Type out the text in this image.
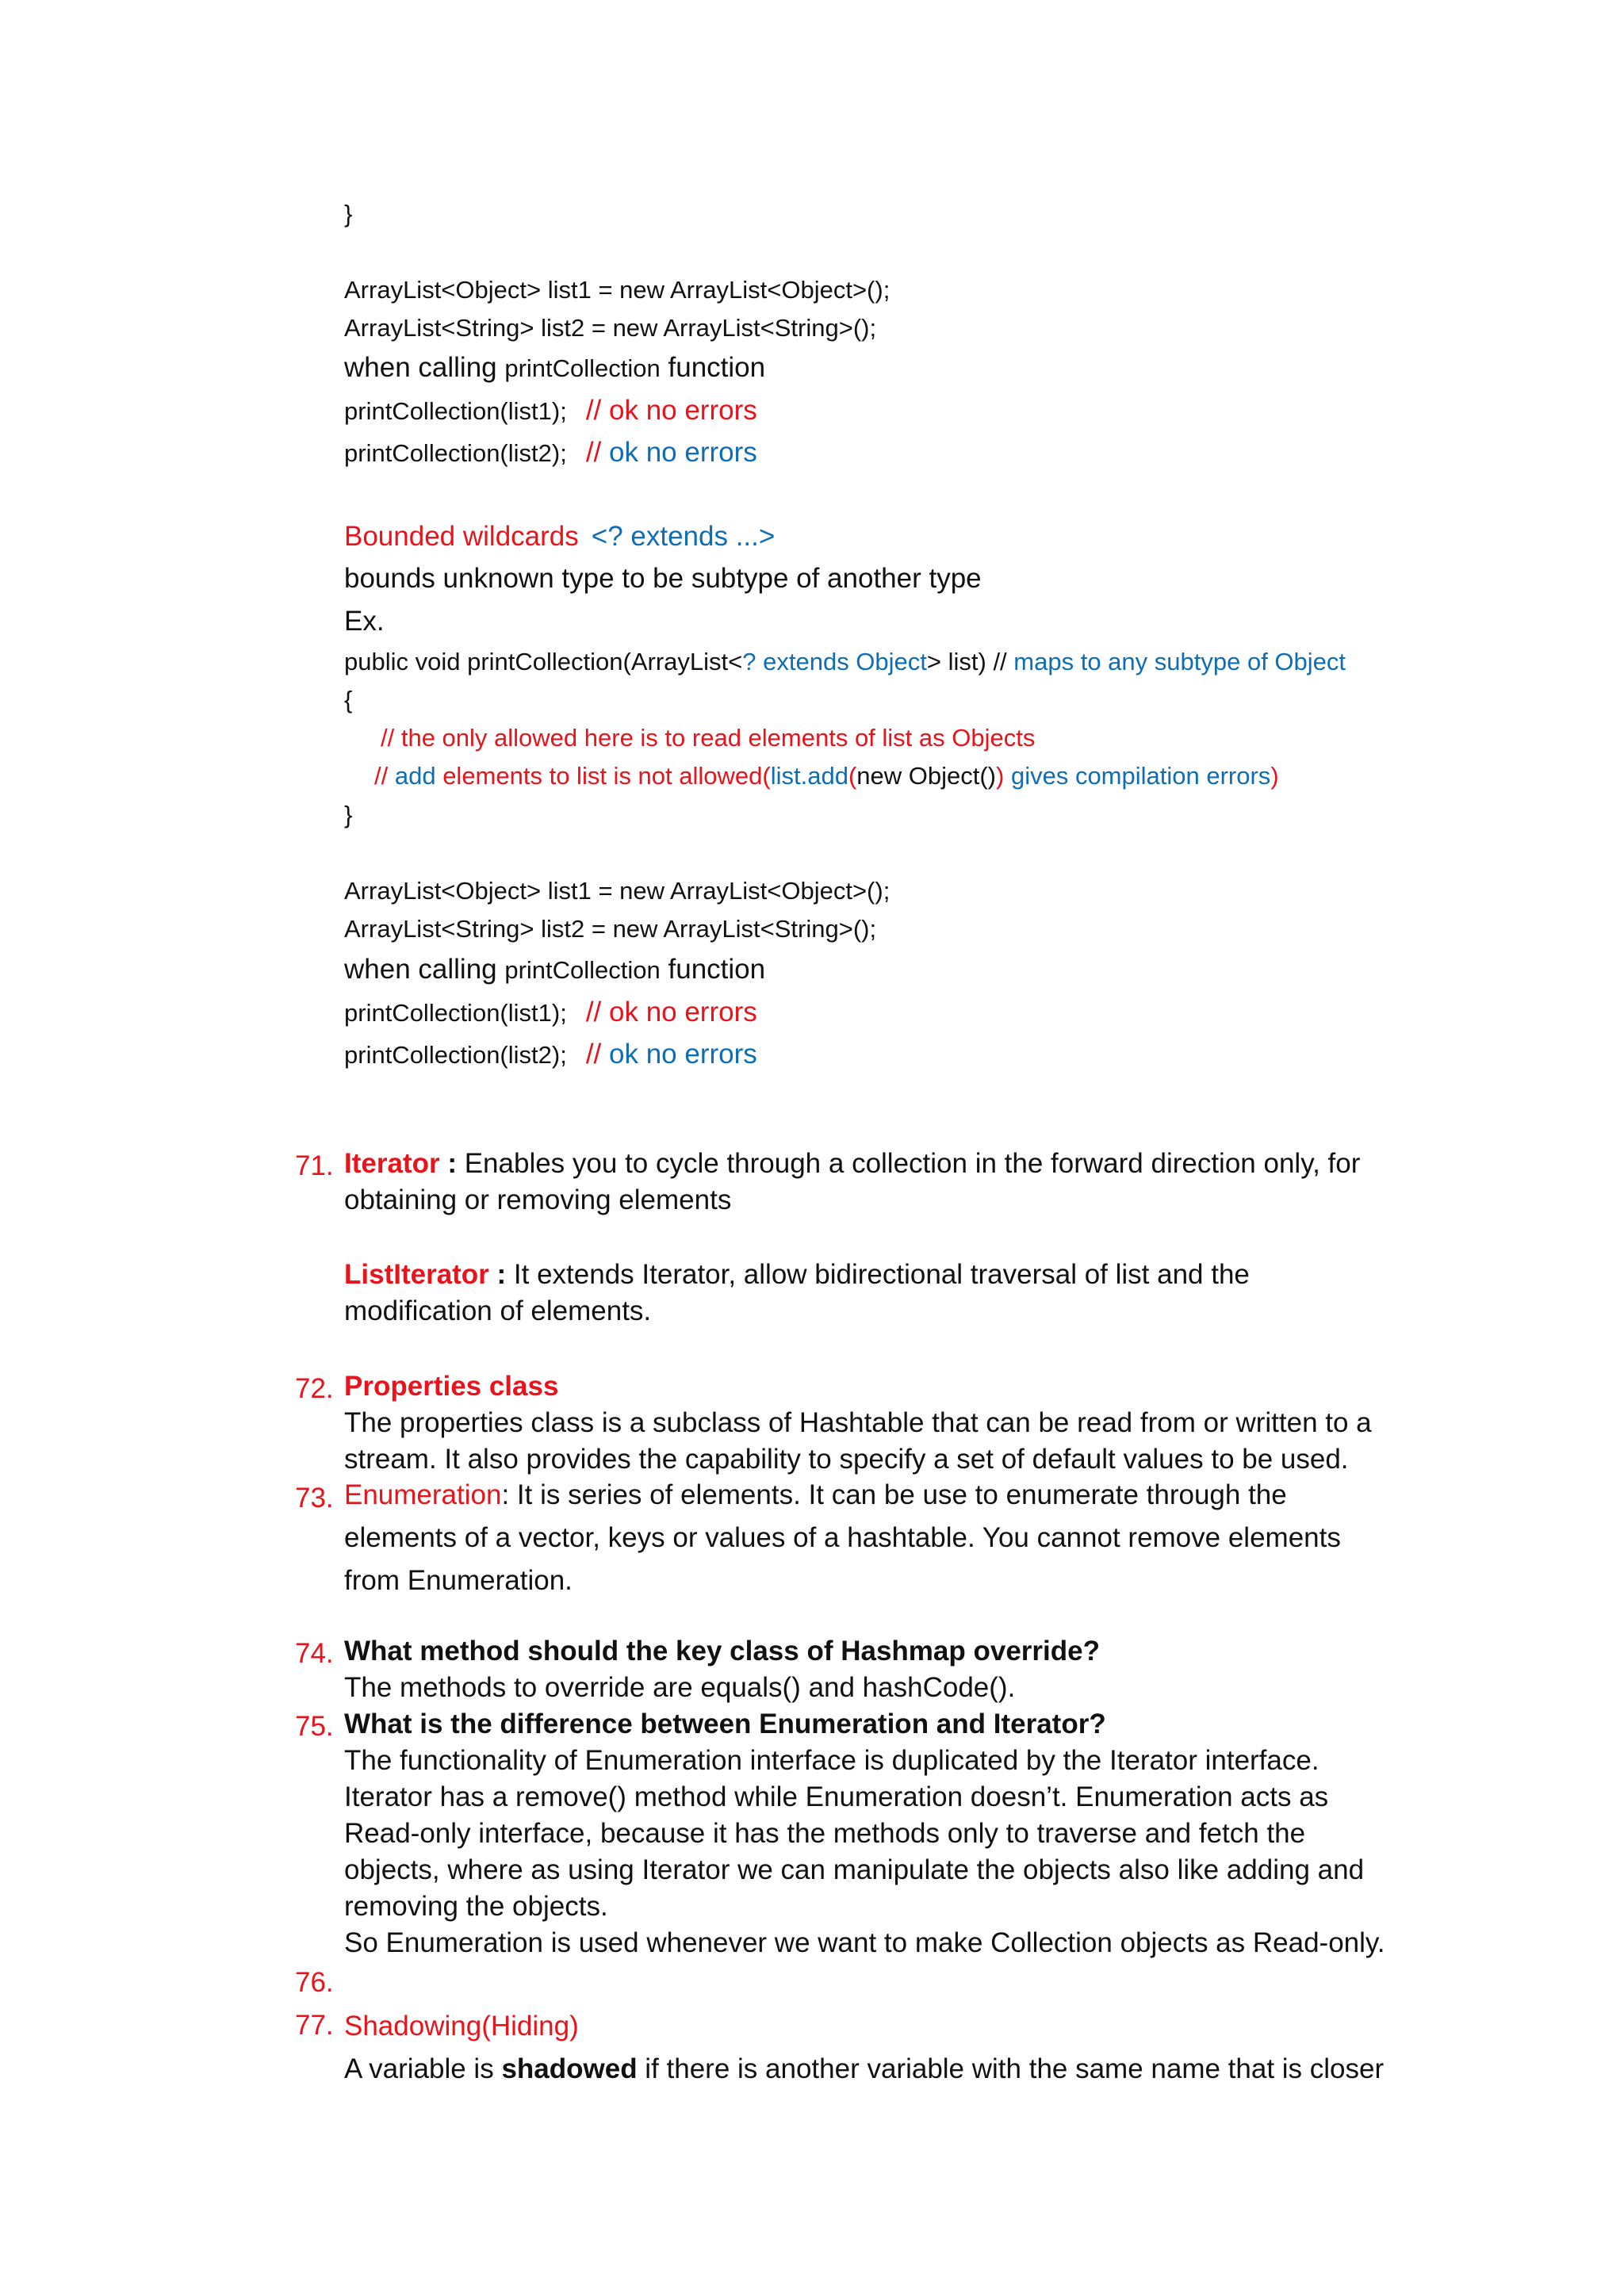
}
ArrayList<Object> list1 = new ArrayList<Object>();
ArrayList<String> list2 = new ArrayList<String>();
when calling printCollection function
printCollection(list1); // ok no errors
printCollection(list2); // ok no errors
Bounded wildcards <? extends ...>
bounds unknown type to be subtype of another type
Ex.
public void printCollection(ArrayList<? extends Object> list) // maps to any subtype of Object
{
// the only allowed here is to read elements of list as Objects
// add elements to list is not allowed(list.add(new Object()) gives compilation errors)
}
ArrayList<Object> list1 = new ArrayList<Object>();
ArrayList<String> list2 = new ArrayList<String>();
when calling printCollection function
printCollection(list1); // ok no errors
printCollection(list2); // ok no errors
71. Iterator : Enables you to cycle through a collection in the forward direction only, for obtaining or removing elements
ListIterator : It extends Iterator, allow bidirectional traversal of list and the modification of elements.
72. Properties class
The properties class is a subclass of Hashtable that can be read from or written to a stream. It also provides the capability to specify a set of default values to be used.
73. Enumeration: It is series of elements. It can be use to enumerate through the elements of a vector, keys or values of a hashtable. You cannot remove elements from Enumeration.
74. What method should the key class of Hashmap override?
The methods to override are equals() and hashCode().
75. What is the difference between Enumeration and Iterator?
The functionality of Enumeration interface is duplicated by the Iterator interface. Iterator has a remove() method while Enumeration doesn’t. Enumeration acts as Read-only interface, because it has the methods only to traverse and fetch the objects, where as using Iterator we can manipulate the objects also like adding and removing the objects.
So Enumeration is used whenever we want to make Collection objects as Read-only.
76.
77. Shadowing(Hiding)
A variable is shadowed if there is another variable with the same name that is closer
